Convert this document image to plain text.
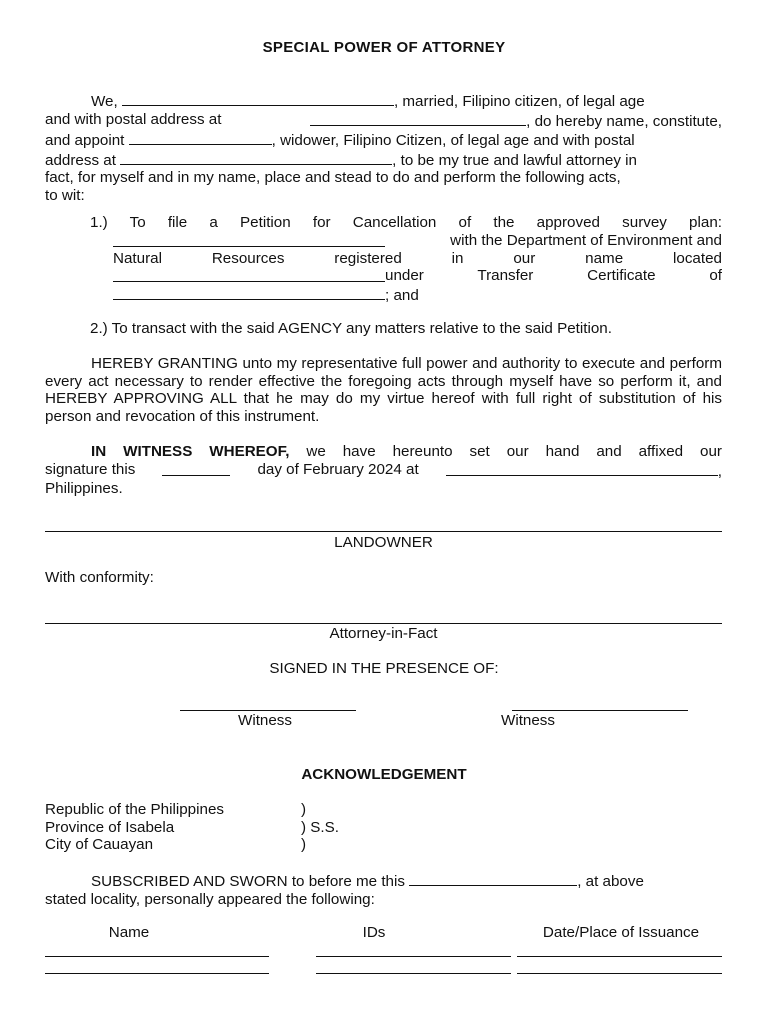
SPECIAL POWER OF ATTORNEY
We,	, married, Filipino citizen, of legal age
and with postal address at	, do hereby name, constitute,
and appoint	, widower, Filipino Citizen, of legal age and with postal
address at	, to be my true and lawful attorney in
fact, for myself and in my name, place and stead to do and perform the following acts,
to wit:
1.) To file a Petition for Cancellation of the approved survey plan:
with the Department of Environment and
Natural Resources registered in our name located
under Transfer Certificate of
; and
2.) To transact with the said AGENCY any matters relative to the said Petition.
HEREBY GRANTING unto my representative full power and authority to execute and perform every act necessary to render effective the foregoing acts through myself have so perform it, and HEREBY APPROVING ALL that he may do my virtue hereof with full right of substitution of his person and revocation of this instrument.
IN WITNESS WHEREOF, we have hereunto set our hand and affixed our
signature this	day of February 2024 at	,
Philippines.
LANDOWNER
With conformity:
Attorney-in-Fact
SIGNED IN THE PRESENCE OF:
Witness	Witness
ACKNOWLEDGEMENT
Republic of the Philippines	)
Province of Isabela	) S.S.
City of Cauayan	)
SUBSCRIBED AND SWORN to before me this	, at above
stated locality, personally appeared the following:
Name	IDs	Date/Place of Issuance
